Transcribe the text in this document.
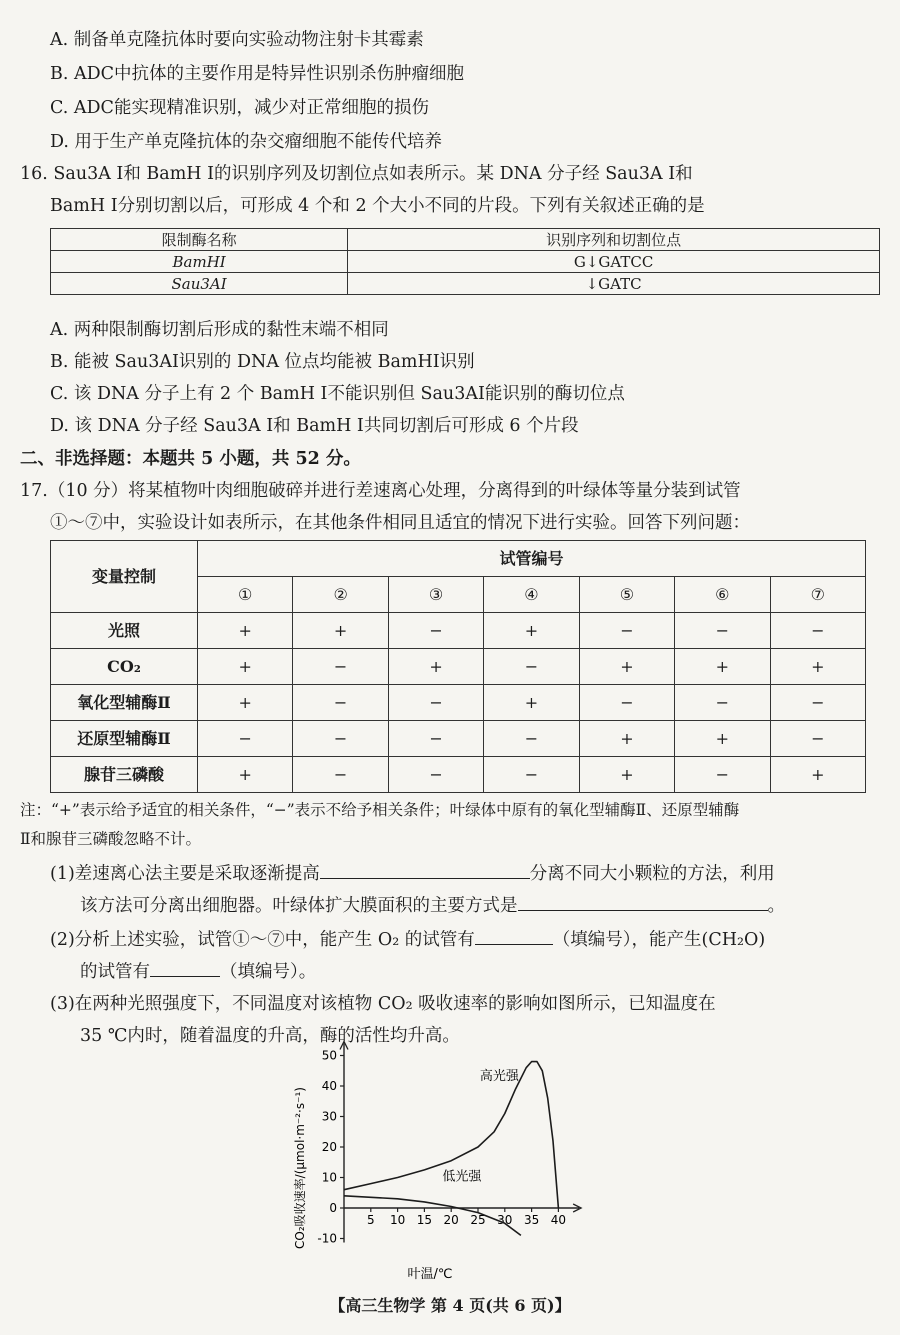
A. 制备单克隆抗体时要向实验动物注射卡其霉素
B. ADC中抗体的主要作用是特异性识别杀伤肿瘤细胞
C. ADC能实现精准识别，减少对正常细胞的损伤
D. 用于生产单克隆抗体的杂交瘤细胞不能传代培养
16. Sau3A Ⅰ和 BamH Ⅰ的识别序列及切割位点如表所示。某 DNA 分子经 Sau3A Ⅰ和
BamH Ⅰ分别切割以后，可形成 4 个和 2 个大小不同的片段。下列有关叙述正确的是
限制酶名称	识别序列和切割位点
BamHⅠ	G↓GATCC
Sau3AⅠ	↓GATC
A. 两种限制酶切割后形成的黏性末端不相同
B. 能被 Sau3AⅠ识别的 DNA 位点均能被 BamHⅠ识别
C. 该 DNA 分子上有 2 个 BamH Ⅰ不能识别但 Sau3AⅠ能识别的酶切位点
D. 该 DNA 分子经 Sau3A Ⅰ和 BamH Ⅰ共同切割后可形成 6 个片段
二、非选择题：本题共 5 小题，共 52 分。
17.（10 分）将某植物叶肉细胞破碎并进行差速离心处理，分离得到的叶绿体等量分装到试管
①～⑦中，实验设计如表所示，在其他条件相同且适宜的情况下进行实验。回答下列问题：
变量控制	试管编号						
	①	②	③	④	⑤	⑥	⑦
光照	+	+	−	+	−	−	−
CO₂	+	−	+	−	+	+	+
氧化型辅酶Ⅱ	+	−	−	+	−	−	−
还原型辅酶Ⅱ	−	−	−	−	+	+	−
腺苷三磷酸	+	−	−	−	+	−	+
注：“+”表示给予适宜的相关条件，“−”表示不给予相关条件；叶绿体中原有的氧化型辅酶Ⅱ、还原型辅酶
Ⅱ和腺苷三磷酸忽略不计。
(1)差速离心法主要是采取逐渐提高	分离不同大小颗粒的方法，利用
该方法可分离出细胞器。叶绿体扩大膜面积的主要方式是	。
(2)分析上述实验，试管①～⑦中，能产生 O₂ 的试管有	（填编号），能产生(CH₂O)
的试管有	（填编号）。
(3)在两种光照强度下，不同温度对该植物 CO₂ 吸收速率的影响如图所示，已知温度在
35 ℃内时，随着温度的升高，酶的活性均升高。
-10
0
10
20
30
40
50
5 10 15 20 25 30 35 40
高光强
低光强
CO₂吸收速率/(μmol·m⁻²·s⁻¹)
叶温/℃
【高三生物学 第 4 页(共 6 页)】
